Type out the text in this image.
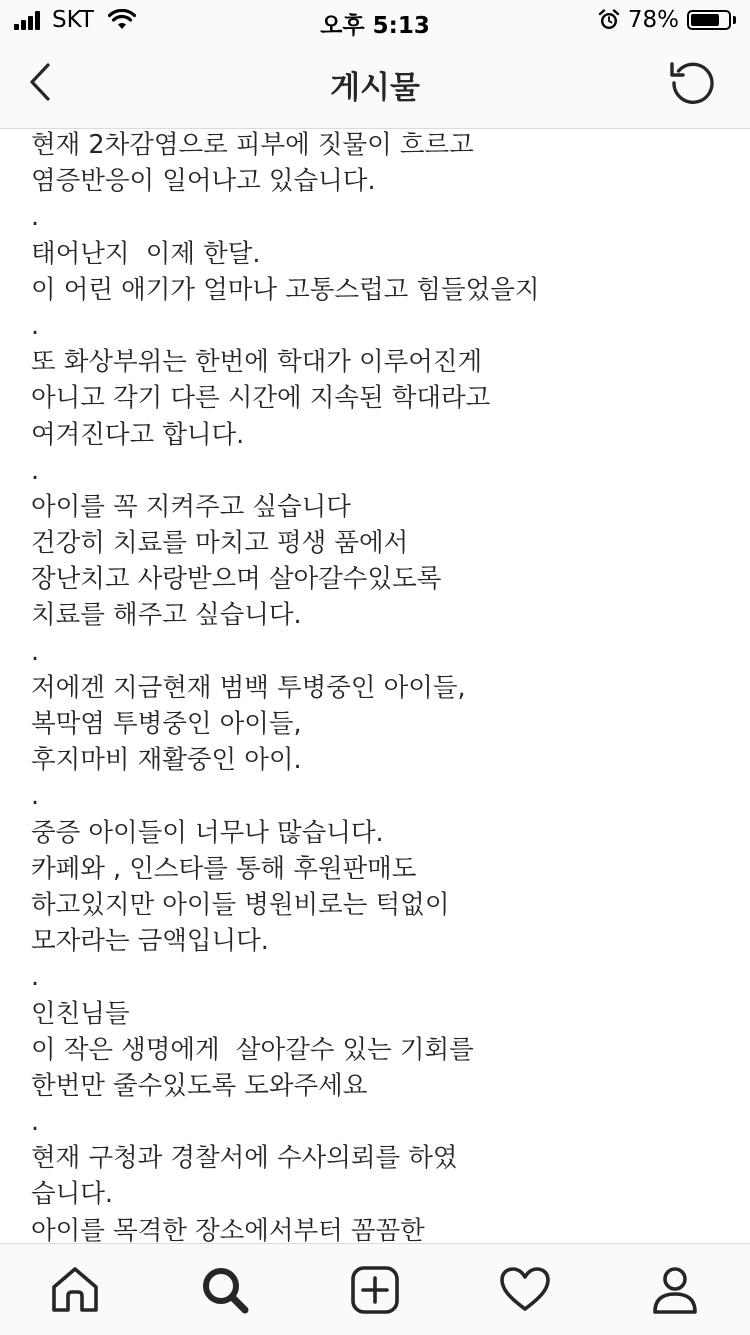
SKT	오후 5:13	78%
게시물
현재 2차감염으로 피부에 짓물이 흐르고
염증반응이 일어나고 있습니다.
.
태어난지  이제 한달.
이 어린 애기가 얼마나 고통스럽고 힘들었을지
.
또 화상부위는 한번에 학대가 이루어진게
아니고 각기 다른 시간에 지속된 학대라고
여겨진다고 합니다.
.
아이를 꼭 지켜주고 싶습니다
건강히 치료를 마치고 평생 품에서
장난치고 사랑받으며 살아갈수있도록
치료를 해주고 싶습니다.
.
저에겐 지금현재 범백 투병중인 아이들,
복막염 투병중인 아이들,
후지마비 재활중인 아이.
.
중증 아이들이 너무나 많습니다.
카페와 , 인스타를 통해 후원판매도
하고있지만 아이들 병원비로는 턱없이
모자라는 금액입니다.
.
인친님들
이 작은 생명에게  살아갈수 있는 기회를
한번만 줄수있도록 도와주세요
.
현재 구청과 경찰서에 수사의뢰를 하였
습니다.
아이를 목격한 장소에서부터 꼼꼼한
